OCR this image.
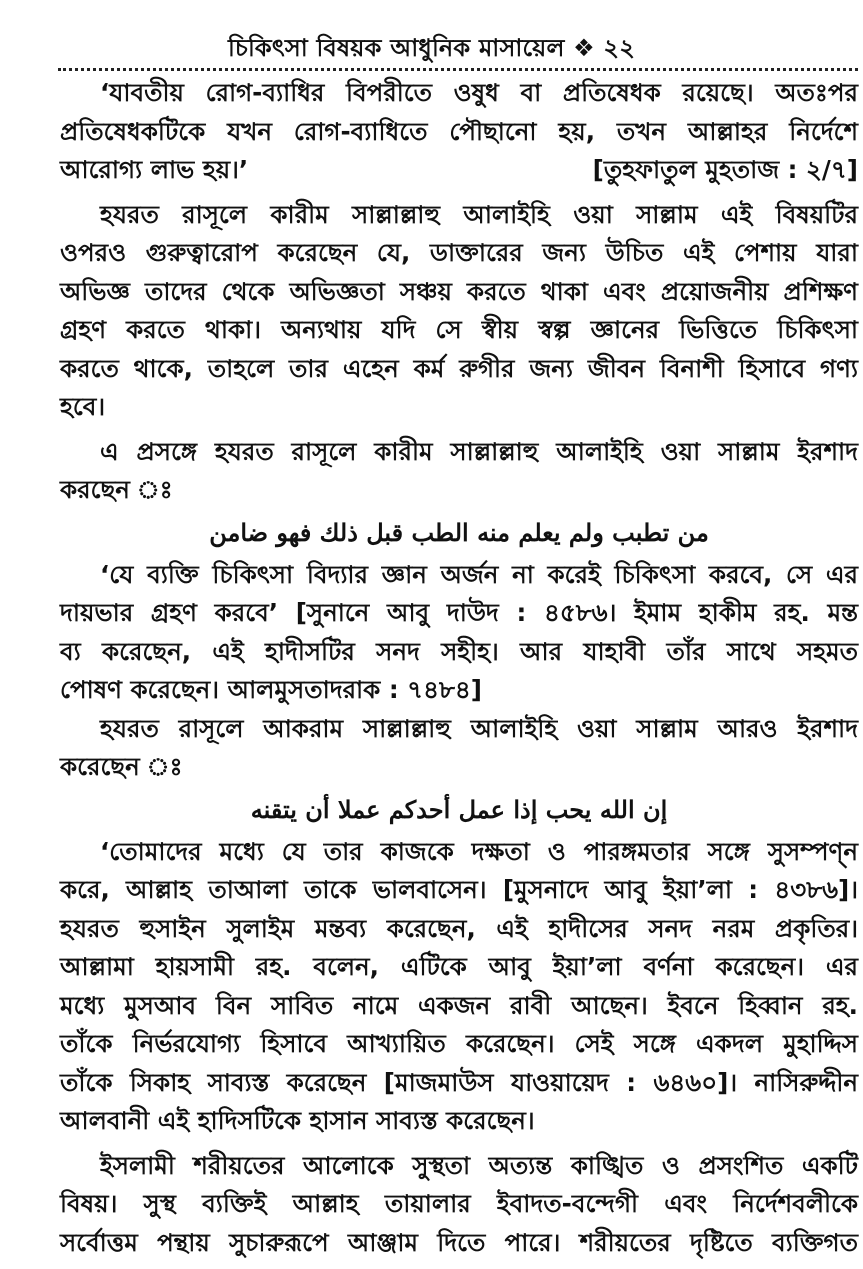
চিকিৎসা বিষয়ক আধুনিক মাসায়েল ❖ ২২

‘যাবতীয় রোগ-ব্যাধির বিপরীতে ওষুধ বা প্রতিষেধক রয়েছে। অতঃপর
প্রতিষেধকটিকে যখন রোগ-ব্যাধিতে পৌছানো হয়, তখন আল্লাহর নির্দেশে
আরোগ্য লাভ হয়।’	[তুহফাতুল মুহতাজ : ২/৭]

হযরত রাসূলে কারীম সাল্লাল্লাহু আলাইহি ওয়া সাল্লাম এই বিষয়টির
ওপরও গুরুত্বারোপ করেছেন যে, ডাক্তারের জন্য উচিত এই পেশায় যারা
অভিজ্ঞ তাদের থেকে অভিজ্ঞতা সঞ্চয় করতে থাকা এবং প্রয়োজনীয় প্রশিক্ষণ
গ্রহণ করতে থাকা। অন্যথায় যদি সে স্বীয় স্বল্প জ্ঞানের ভিত্তিতে চিকিৎসা
করতে থাকে, তাহলে তার এহেন কর্ম রুগীর জন্য জীবন বিনাশী হিসাবে গণ্য
হবে।

এ প্রসঙ্গে হযরত রাসূলে কারীম সাল্লাল্লাহু আলাইহি ওয়া সাল্লাম ইরশাদ
করছেন ঃ

من تطبب ولم يعلم منه الطب قبل ذلك فهو ضامن

‘যে ব্যক্তি চিকিৎসা বিদ্যার জ্ঞান অর্জন না করেই চিকিৎসা করবে, সে এর
দায়ভার গ্রহণ করবে’ [সুনানে আবু দাউদ : ৪৫৮৬। ইমাম হাকীম রহ. মন্ত
ব্য করেছেন, এই হাদীসটির সনদ সহীহ। আর যাহাবী তাঁর সাথে সহমত
পোষণ করেছেন। আলমুসতাদরাক : ৭৪৮৪]

হযরত রাসূলে আকরাম সাল্লাল্লাহু আলাইহি ওয়া সাল্লাম আরও ইরশাদ
করেছেন ঃ

إن الله يحب إذا عمل أحدكم عملا أن يتقنه

‘তোমাদের মধ্যে যে তার কাজকে দক্ষতা ও পারঙ্গমতার সঙ্গে সুসম্পণ্ন
করে, আল্লাহ তাআলা তাকে ভালবাসেন। [মুসনাদে আবু ইয়া’লা : ৪৩৮৬]।
হযরত হুসাইন সুলাইম মন্তব্য করেছেন, এই হাদীসের সনদ নরম প্রকৃতির।
আল্লামা হায়সামী রহ. বলেন, এটিকে আবু ইয়া’লা বর্ণনা করেছেন। এর
মধ্যে মুসআব বিন সাবিত নামে একজন রাবী আছেন। ইবনে হিব্বান রহ.
তাঁকে নির্ভরযোগ্য হিসাবে আখ্যায়িত করেছেন। সেই সঙ্গে একদল মুহাদ্দিস
তাঁকে সিকাহ সাব্যস্ত করেছেন [মাজমাউস যাওয়ায়েদ : ৬৪৬০]। নাসিরুদ্দীন
আলবানী এই হাদিসটিকে হাসান সাব্যস্ত করেছেন।

ইসলামী শরীয়তের আলোকে সুস্থতা অত্যন্ত কাঙ্খিত ও প্রসংশিত একটি
বিষয়। সুস্থ ব্যক্তিই আল্লাহ তায়ালার ইবাদত-বন্দেগী এবং নির্দেশবলীকে
সর্বোত্তম পন্থায় সুচারুরূপে আঞ্জাম দিতে পারে। শরীয়তের দৃষ্টিতে ব্যক্তিগত
